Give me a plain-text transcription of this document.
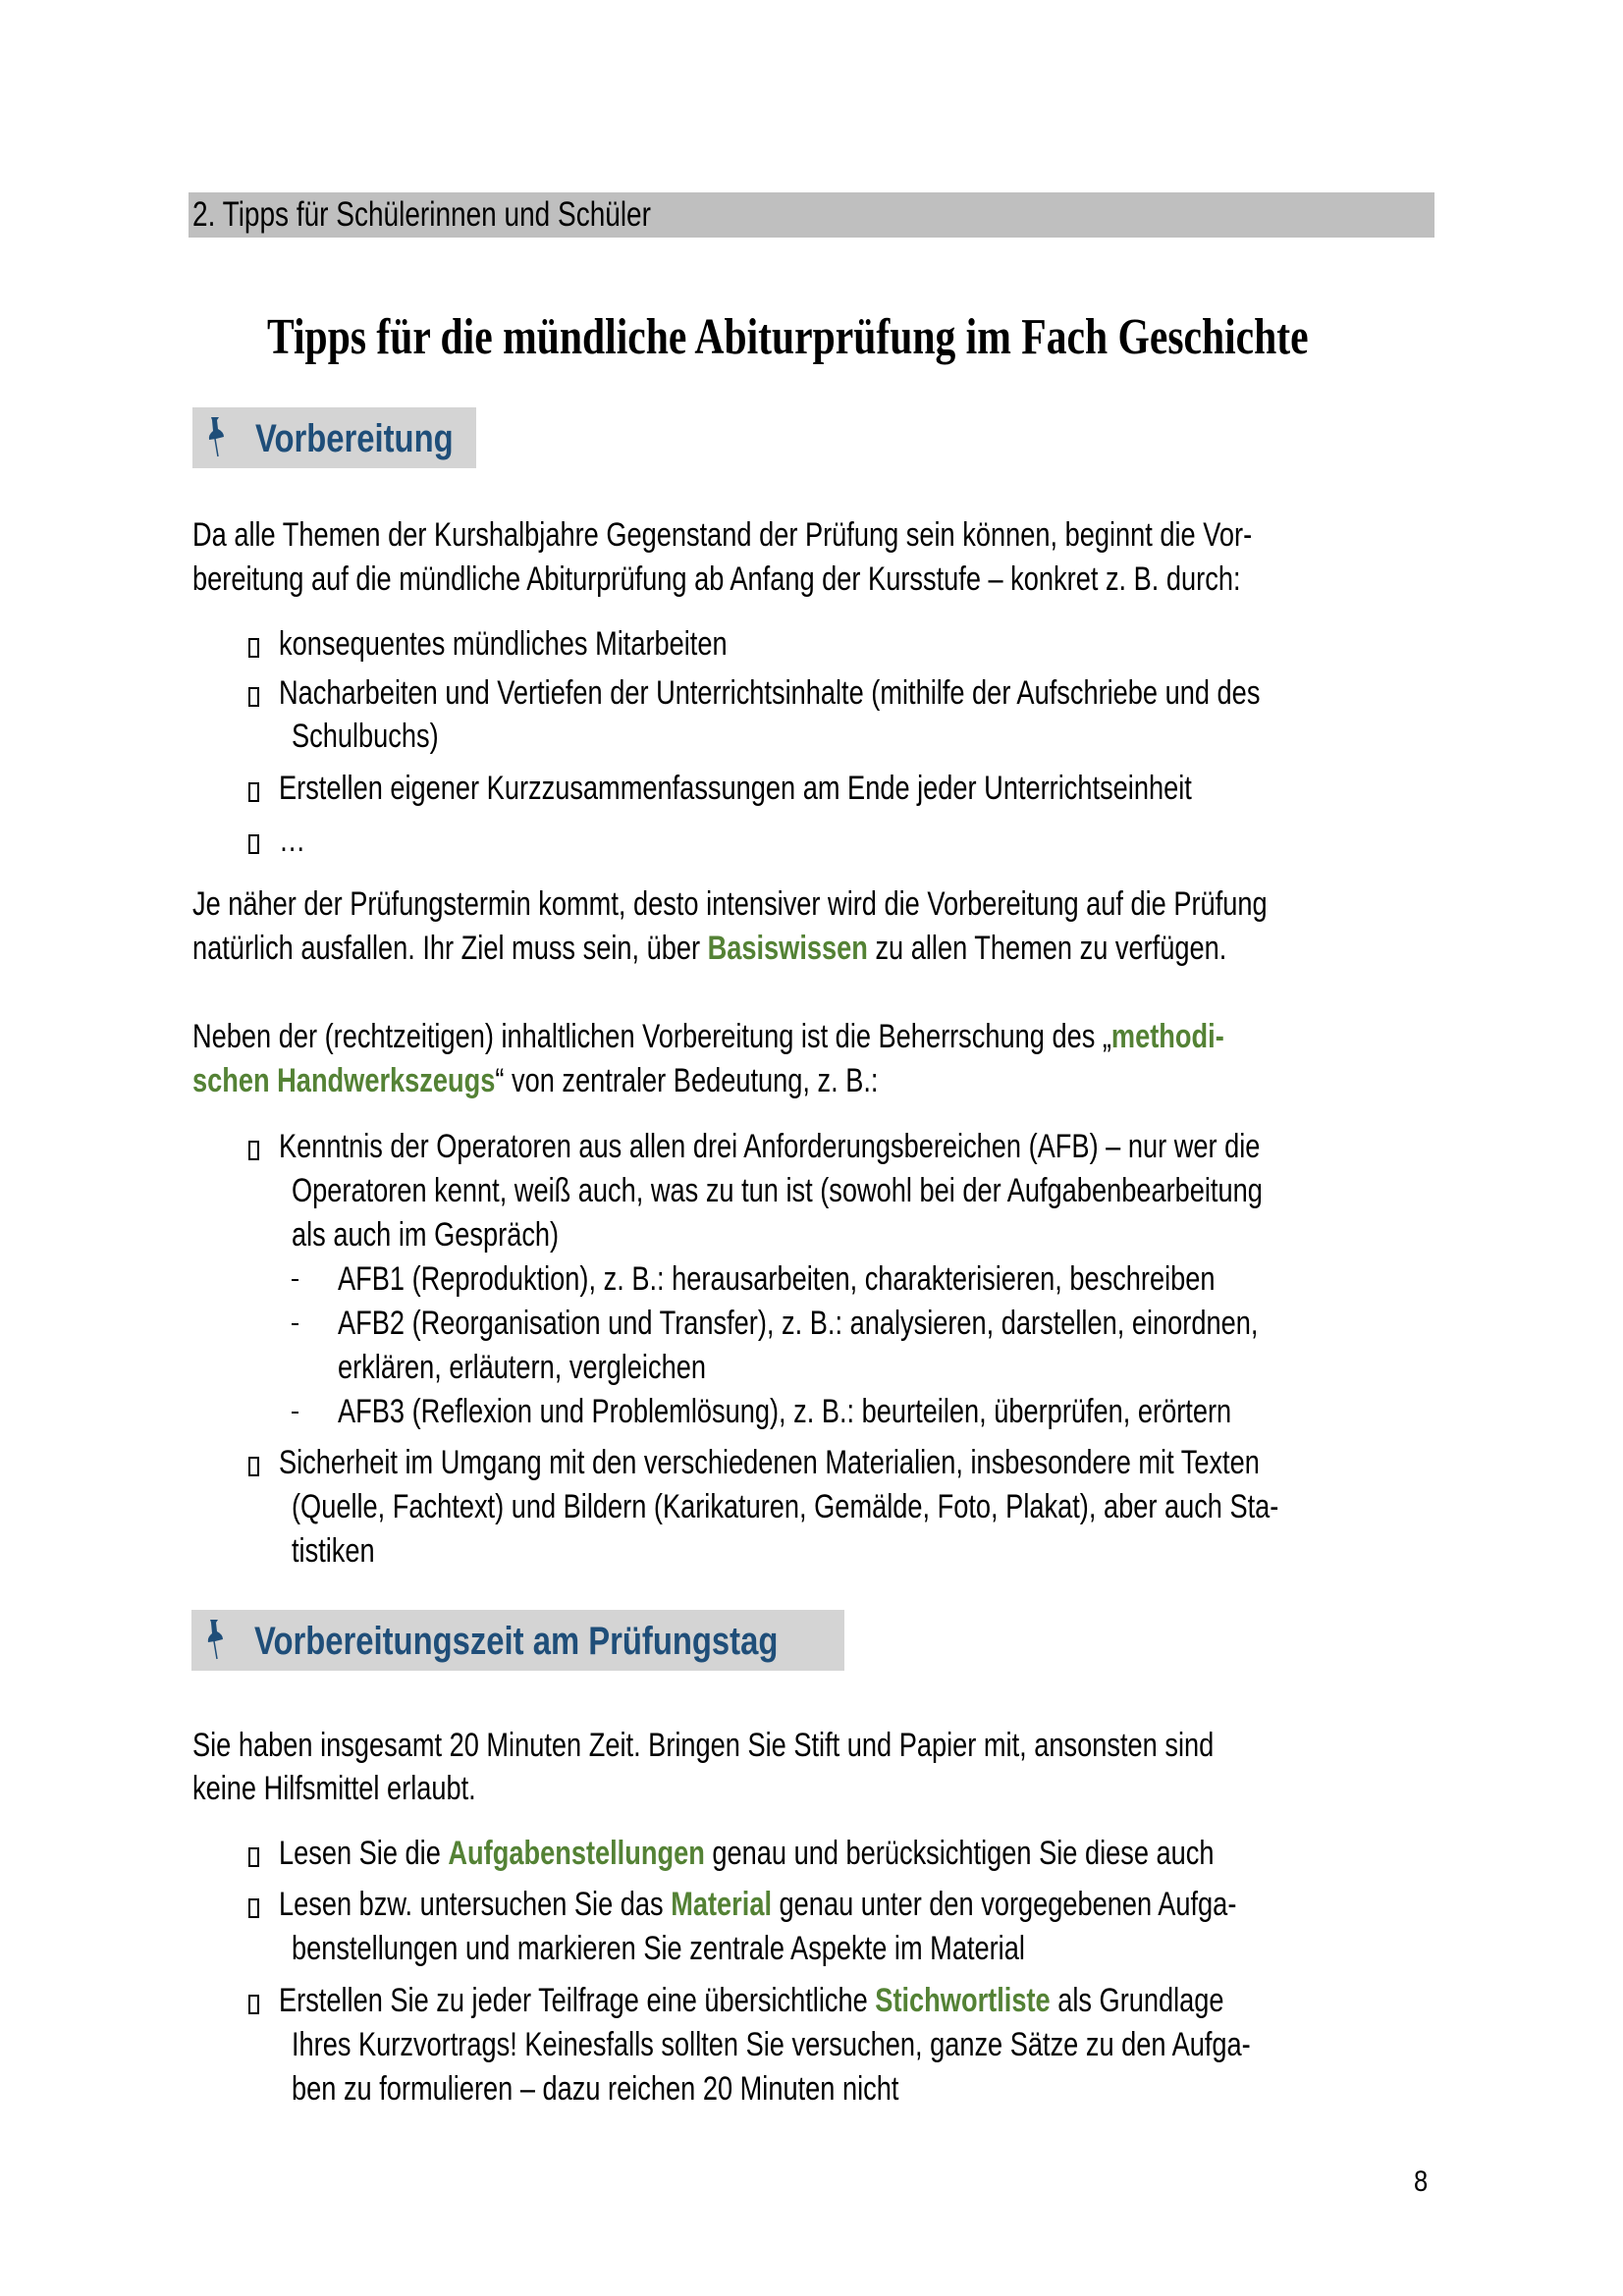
2. Tipps für Schülerinnen und Schüler
Tipps für die mündliche Abiturprüfung im Fach Geschichte
Vorbereitung
Da alle Themen der Kurshalbjahre Gegenstand der Prüfung sein können, beginnt die Vor-
bereitung auf die mündliche Abiturprüfung ab Anfang der Kursstufe – konkret z. B. durch:
konsequentes mündliches Mitarbeiten
Nacharbeiten und Vertiefen der Unterrichtsinhalte (mithilfe der Aufschriebe und des
Schulbuchs)
Erstellen eigener Kurzzusammenfassungen am Ende jeder Unterrichtseinheit
…
Je näher der Prüfungstermin kommt, desto intensiver wird die Vorbereitung auf die Prüfung
natürlich ausfallen. Ihr Ziel muss sein, über Basiswissen zu allen Themen zu verfügen.
Neben der (rechtzeitigen) inhaltlichen Vorbereitung ist die Beherrschung des „methodi-
schen Handwerkszeugs“ von zentraler Bedeutung, z. B.:
Kenntnis der Operatoren aus allen drei Anforderungsbereichen (AFB) – nur wer die
Operatoren kennt, weiß auch, was zu tun ist (sowohl bei der Aufgabenbearbeitung
als auch im Gespräch)
AFB1 (Reproduktion), z. B.: herausarbeiten, charakterisieren, beschreiben
AFB2 (Reorganisation und Transfer), z. B.: analysieren, darstellen, einordnen,
erklären, erläutern, vergleichen
AFB3 (Reflexion und Problemlösung), z. B.: beurteilen, überprüfen, erörtern
Sicherheit im Umgang mit den verschiedenen Materialien, insbesondere mit Texten
(Quelle, Fachtext) und Bildern (Karikaturen, Gemälde, Foto, Plakat), aber auch Sta-
tistiken
Vorbereitungszeit am Prüfungstag
Sie haben insgesamt 20 Minuten Zeit. Bringen Sie Stift und Papier mit, ansonsten sind
keine Hilfsmittel erlaubt.
Lesen Sie die Aufgabenstellungen genau und berücksichtigen Sie diese auch
Lesen bzw. untersuchen Sie das Material genau unter den vorgegebenen Aufga-
benstellungen und markieren Sie zentrale Aspekte im Material
Erstellen Sie zu jeder Teilfrage eine übersichtliche Stichwortliste als Grundlage
Ihres Kurzvortrags! Keinesfalls sollten Sie versuchen, ganze Sätze zu den Aufga-
ben zu formulieren – dazu reichen 20 Minuten nicht
8
